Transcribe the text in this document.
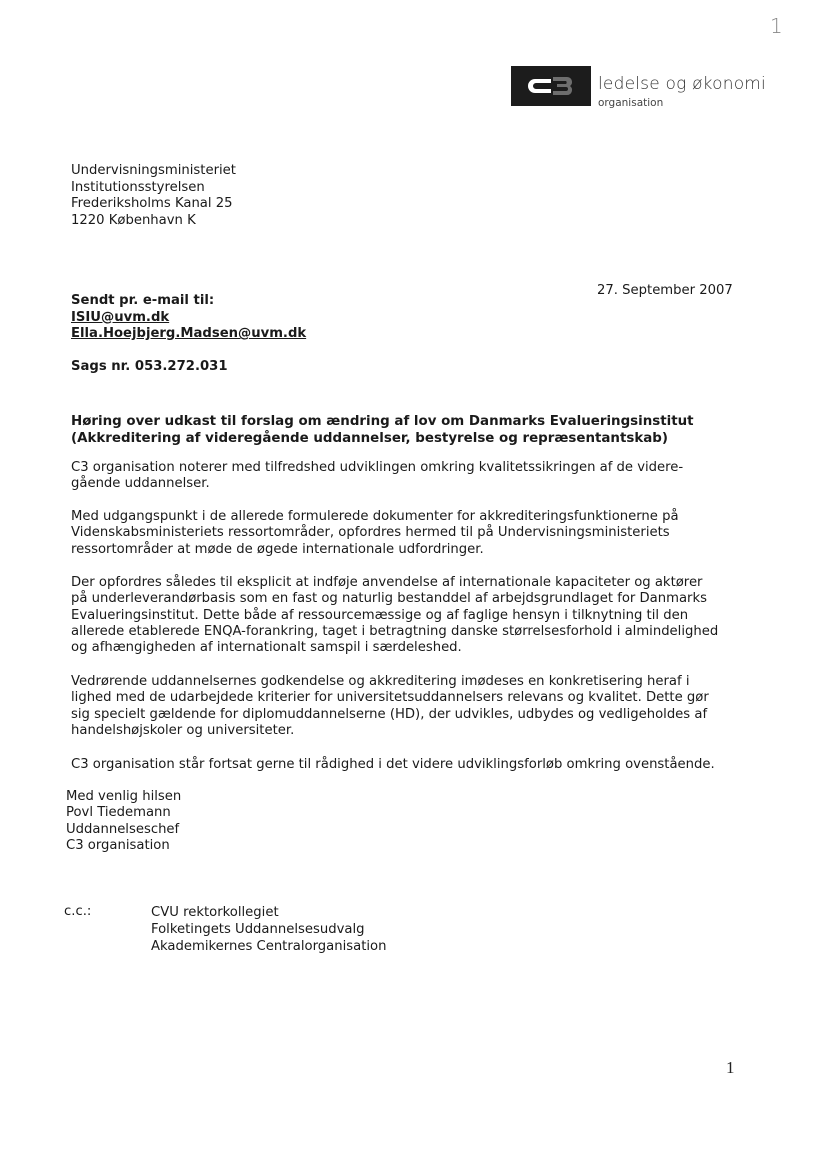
1
ledelse og økonomi
organisation
Undervisningsministeriet
Institutionsstyrelsen
Frederiksholms Kanal 25
1220 København K
27. September 2007
Sendt pr. e-mail til:
ISIU@uvm.dk
Ella.Hoejbjerg.Madsen@uvm.dk
Sags nr. 053.272.031
Høring over udkast til forslag om ændring af lov om Danmarks Evalueringsinstitut
(Akkreditering af videregående uddannelser, bestyrelse og repræsentantskab)
C3 organisation noterer med tilfredshed udviklingen omkring kvalitetssikringen af de videre-
gående uddannelser.
Med udgangspunkt i de allerede formulerede dokumenter for akkrediteringsfunktionerne på
Videnskabsministeriets ressortområder, opfordres hermed til på Undervisningsministeriets
ressortområder at møde de øgede internationale udfordringer.
Der opfordres således til eksplicit at indføje anvendelse af internationale kapaciteter og aktører
på underleverandørbasis som en fast og naturlig bestanddel af arbejdsgrundlaget for Danmarks
Evalueringsinstitut. Dette både af ressourcemæssige og af faglige hensyn i tilknytning til den
allerede etablerede ENQA-forankring, taget i betragtning danske størrelsesforhold i almindelighed
og afhængigheden af internationalt samspil i særdeleshed.
Vedrørende uddannelsernes godkendelse og akkreditering imødeses en konkretisering heraf i
lighed med de udarbejdede kriterier for universitetsuddannelsers relevans og kvalitet. Dette gør
sig specielt gældende for diplomuddannelserne (HD), der udvikles, udbydes og vedligeholdes af
handelshøjskoler og universiteter.
C3 organisation står fortsat gerne til rådighed i det videre udviklingsforløb omkring ovenstående.
Med venlig hilsen
Povl Tiedemann
Uddannelseschef
C3 organisation
c.c.:	CVU rektorkollegiet
Folketingets Uddannelsesudvalg
Akademikernes Centralorganisation
1
